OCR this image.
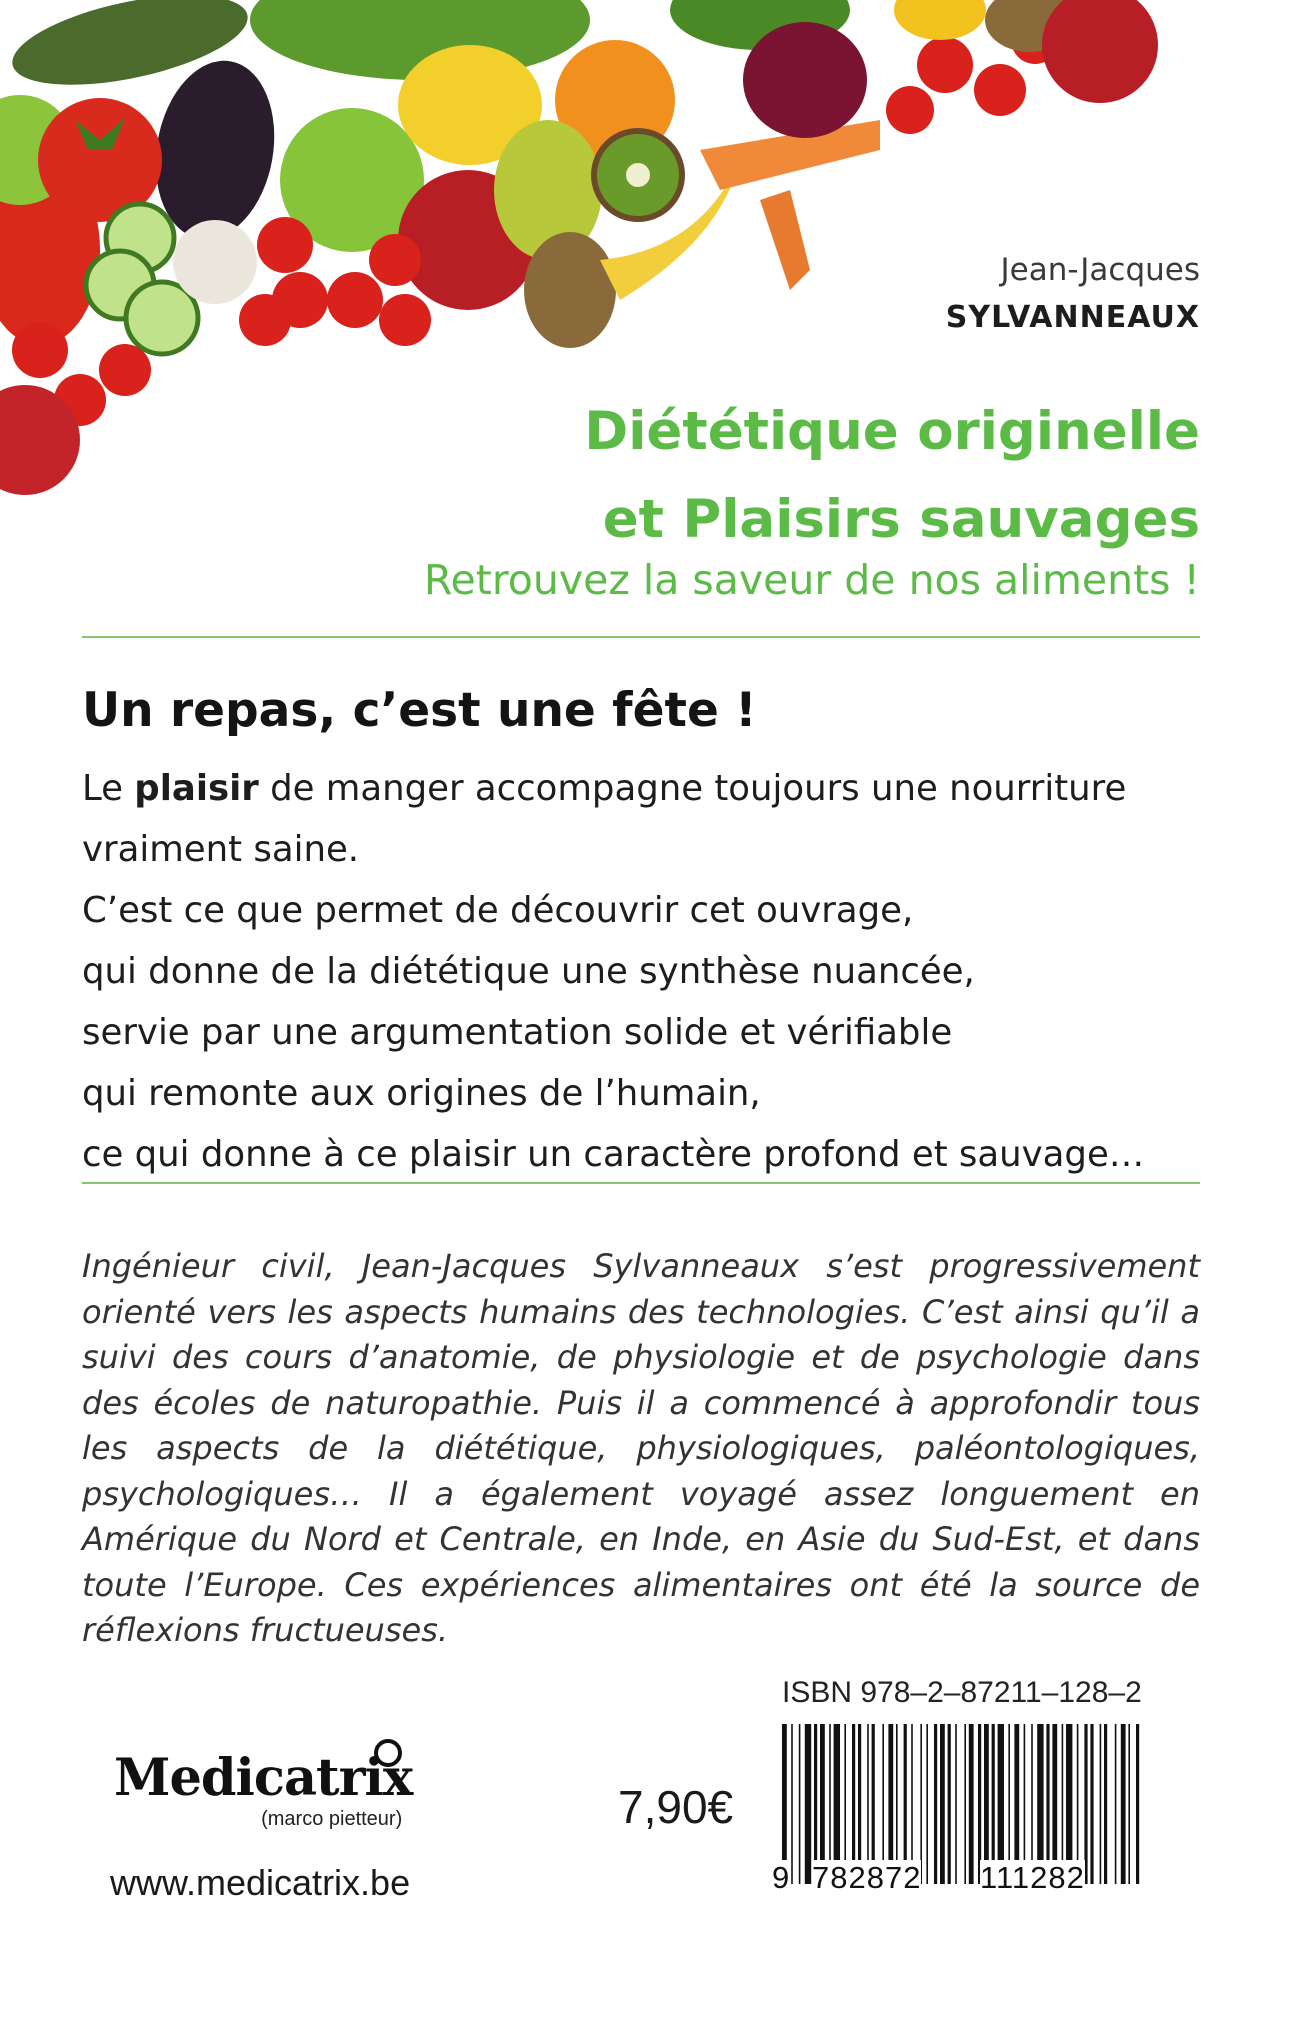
Jean-Jacques
SYLVANNEAUX
Diététique originelle
et Plaisirs sauvages
Retrouvez la saveur de nos aliments !
Un repas, c’est une fête !

Le plaisir de manger accompagne toujours une nourriture

vraiment saine.

C’est ce que permet de découvrir cet ouvrage,

qui donne de la diététique une synthèse nuancée,

servie par une argumentation solide et vérifiable

qui remonte aux origines de l’humain,

ce qui donne à ce plaisir un caractère profond et sauvage…

Ingénieur civil, Jean-Jacques Sylvanneaux s’est progressivement orienté vers les aspects humains des technologies. C’est ainsi qu’il a suivi des cours d’anatomie, de physiologie et de psychologie dans des écoles de naturopathie. Puis il a commencé à approfondir tous les aspects de la diététique, physiologiques, paléontologiques, psychologiques… Il a également voyagé assez longuement en Amérique du Nord et Centrale, en Inde, en Asie du Sud-Est, et dans toute l’Europe. Ces expériences alimentaires ont été la source de réflexions fructueuses.
ISBN 978–2–87211–128–2
9 782872 111282
7,90€
Medicatrix
(marco pietteur)
www.medicatrix.be
